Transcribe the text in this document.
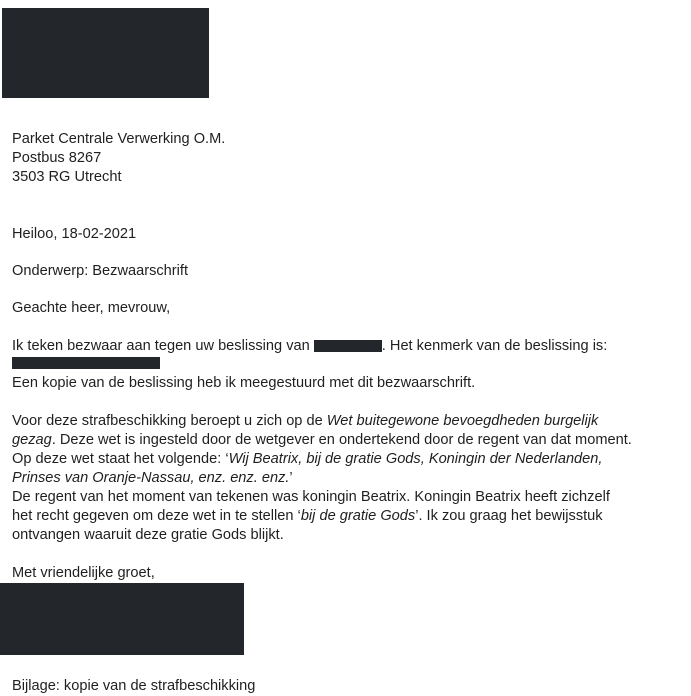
Parket Centrale Verwerking O.M.
Postbus 8267
3503 RG Utrecht
Heiloo, 18-02-2021
Onderwerp: Bezwaarschrift
Geachte heer, mevrouw,
Ik teken bezwaar aan tegen uw beslissing van	. Het kenmerk van de beslissing is:
Een kopie van de beslissing heb ik meegestuurd met dit bezwaarschrift.
Voor deze strafbeschikking beroept u zich op de Wet buitegewone bevoegdheden burgelijk
gezag. Deze wet is ingesteld door de wetgever en ondertekend door de regent van dat moment.
Op deze wet staat het volgende: ‘Wij Beatrix, bij de gratie Gods, Koningin der Nederlanden,
Prinses van Oranje-Nassau, enz. enz. enz.’
De regent van het moment van tekenen was koningin Beatrix. Koningin Beatrix heeft zichzelf
het recht gegeven om deze wet in te stellen ‘bij de gratie Gods’. Ik zou graag het bewijsstuk
ontvangen waaruit deze gratie Gods blijkt.
Met vriendelijke groet,
Bijlage: kopie van de strafbeschikking
